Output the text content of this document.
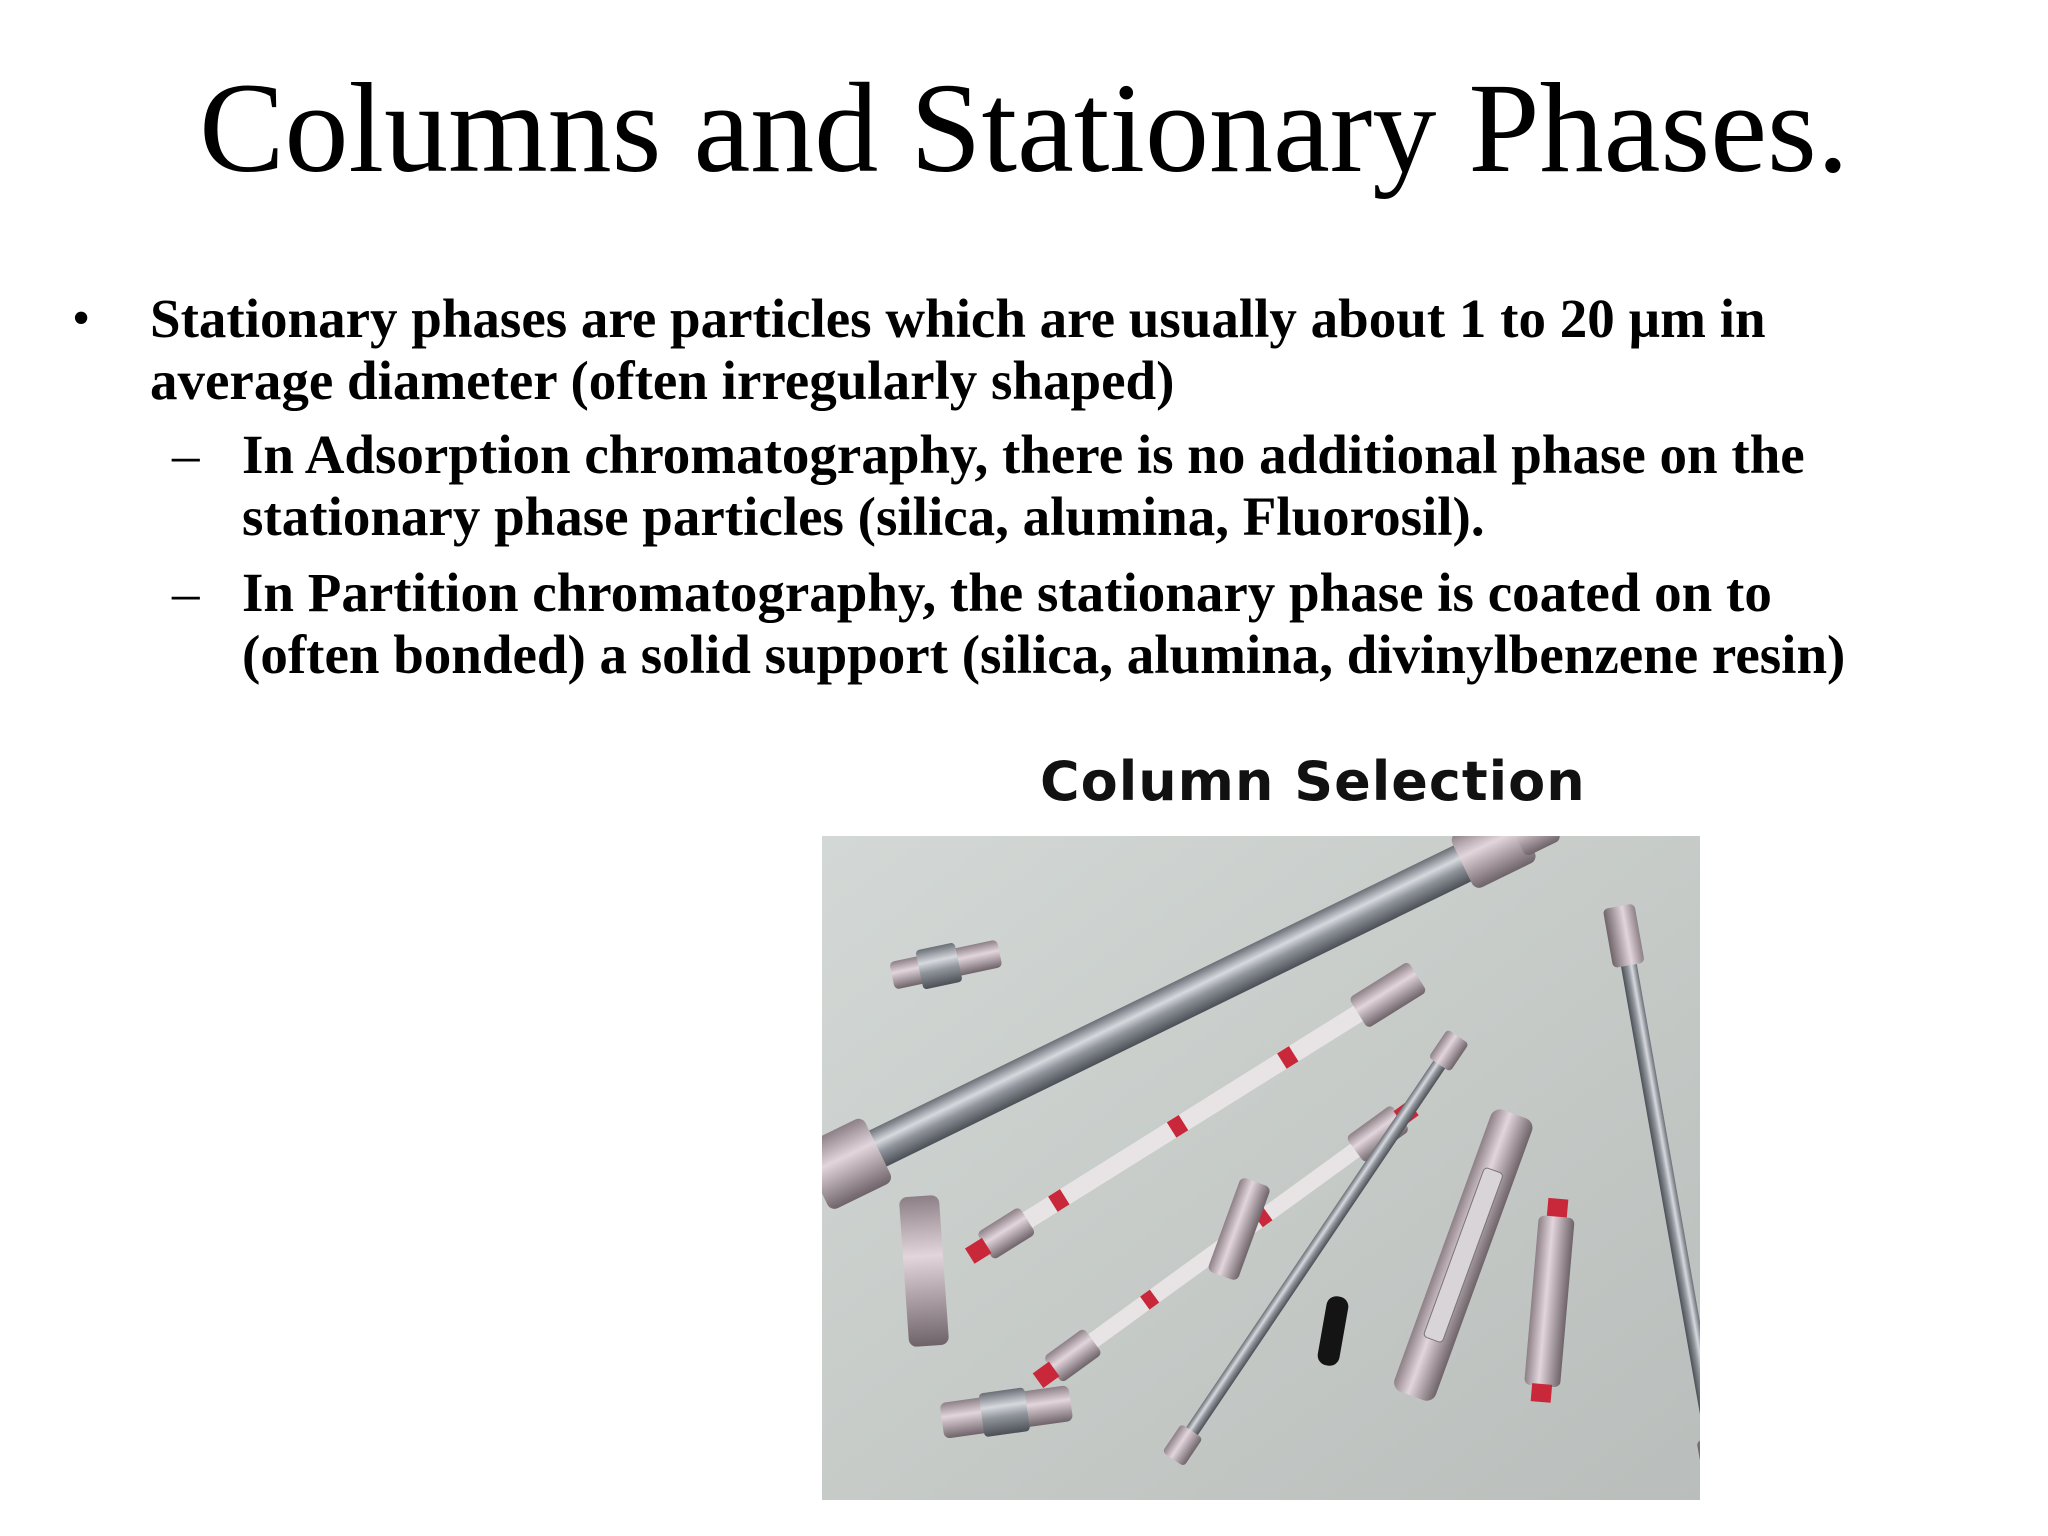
Columns and Stationary Phases.
• Stationary phases are particles which are usually about 1 to 20 µm in average diameter (often irregularly shaped)

– In Adsorption chromatography, there is no additional phase on the stationary phase particles (silica, alumina, Fluorosil).

– In Partition chromatography, the stationary phase is coated on to (often bonded) a solid support (silica, alumina, divinylbenzene resin)

Column Selection
